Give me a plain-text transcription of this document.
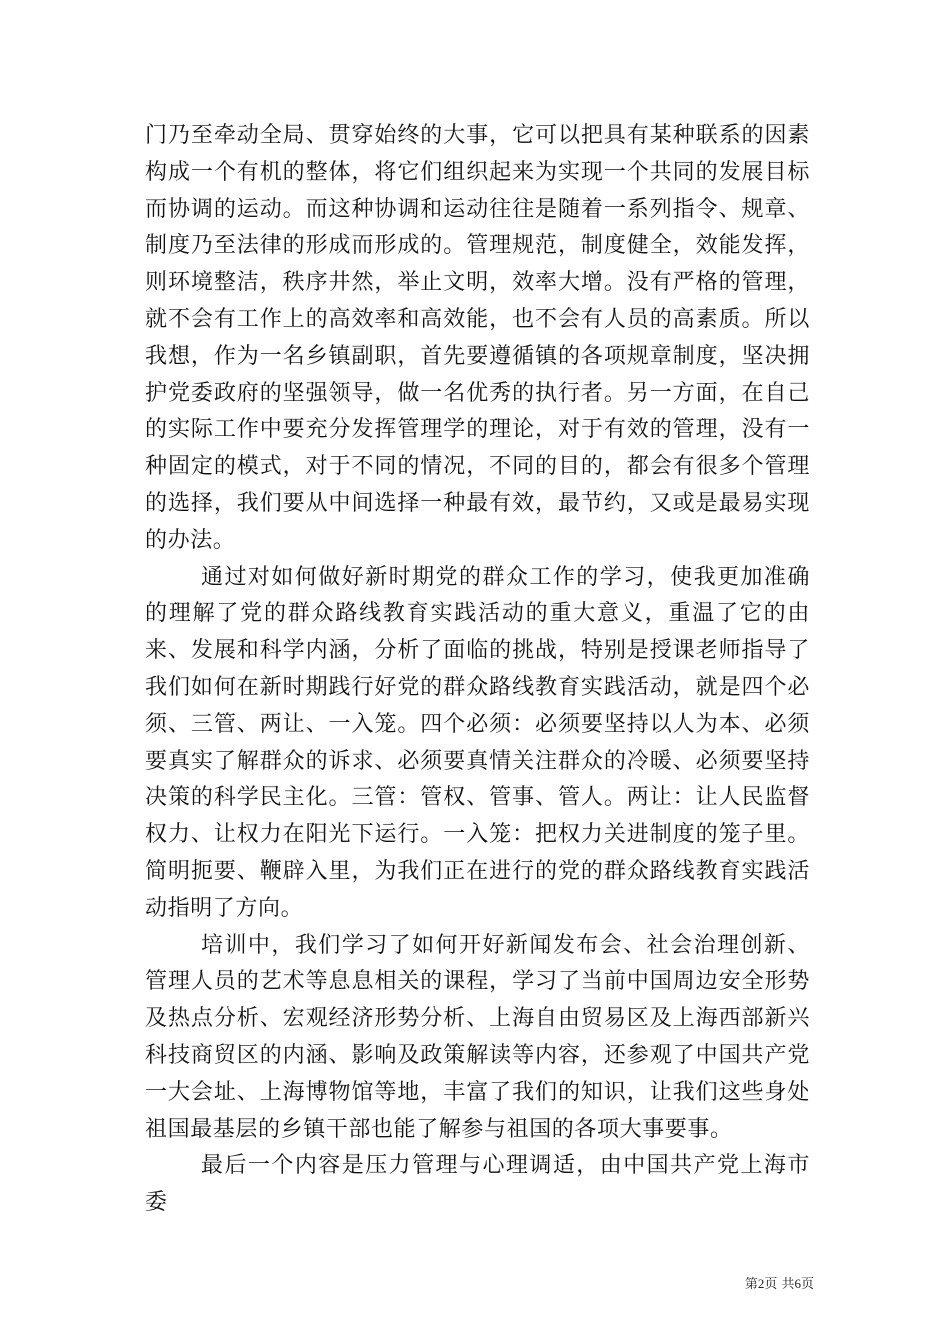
门乃至牵动全局、贯穿始终的大事，它可以把具有某种联系的因素构成一个有机的整体，将它们组织起来为实现一个共同的发展目标而协调的运动。而这种协调和运动往往是随着一系列指令、规章、制度乃至法律的形成而形成的。管理规范，制度健全，效能发挥，则环境整洁，秩序井然，举止文明，效率大增。没有严格的管理，就不会有工作上的高效率和高效能，也不会有人员的高素质。所以我想，作为一名乡镇副职，首先要遵循镇的各项规章制度，坚决拥护党委政府的坚强领导，做一名优秀的执行者。另一方面，在自己的实际工作中要充分发挥管理学的理论，对于有效的管理，没有一种固定的模式，对于不同的情况，不同的目的，都会有很多个管理的选择，我们要从中间选择一种最有效，最节约，又或是最易实现的办法。

通过对如何做好新时期党的群众工作的学习，使我更加准确的理解了党的群众路线教育实践活动的重大意义，重温了它的由来、发展和科学内涵，分析了面临的挑战，特别是授课老师指导了我们如何在新时期践行好党的群众路线教育实践活动，就是四个必须、三管、两让、一入笼。四个必须：必须要坚持以人为本、必须要真实了解群众的诉求、必须要真情关注群众的冷暖、必须要坚持决策的科学民主化。三管：管权、管事、管人。两让：让人民监督权力、让权力在阳光下运行。一入笼：把权力关进制度的笼子里。简明扼要、鞭辟入里，为我们正在进行的党的群众路线教育实践活动指明了方向。

培训中，我们学习了如何开好新闻发布会、社会治理创新、管理人员的艺术等息息相关的课程，学习了当前中国周边安全形势及热点分析、宏观经济形势分析、上海自由贸易区及上海西部新兴科技商贸区的内涵、影响及政策解读等内容，还参观了中国共产党一大会址、上海博物馆等地，丰富了我们的知识，让我们这些身处祖国最基层的乡镇干部也能了解参与祖国的各项大事要事。

最后一个内容是压力管理与心理调适，由中国共产党上海市委

第2页 共6页
